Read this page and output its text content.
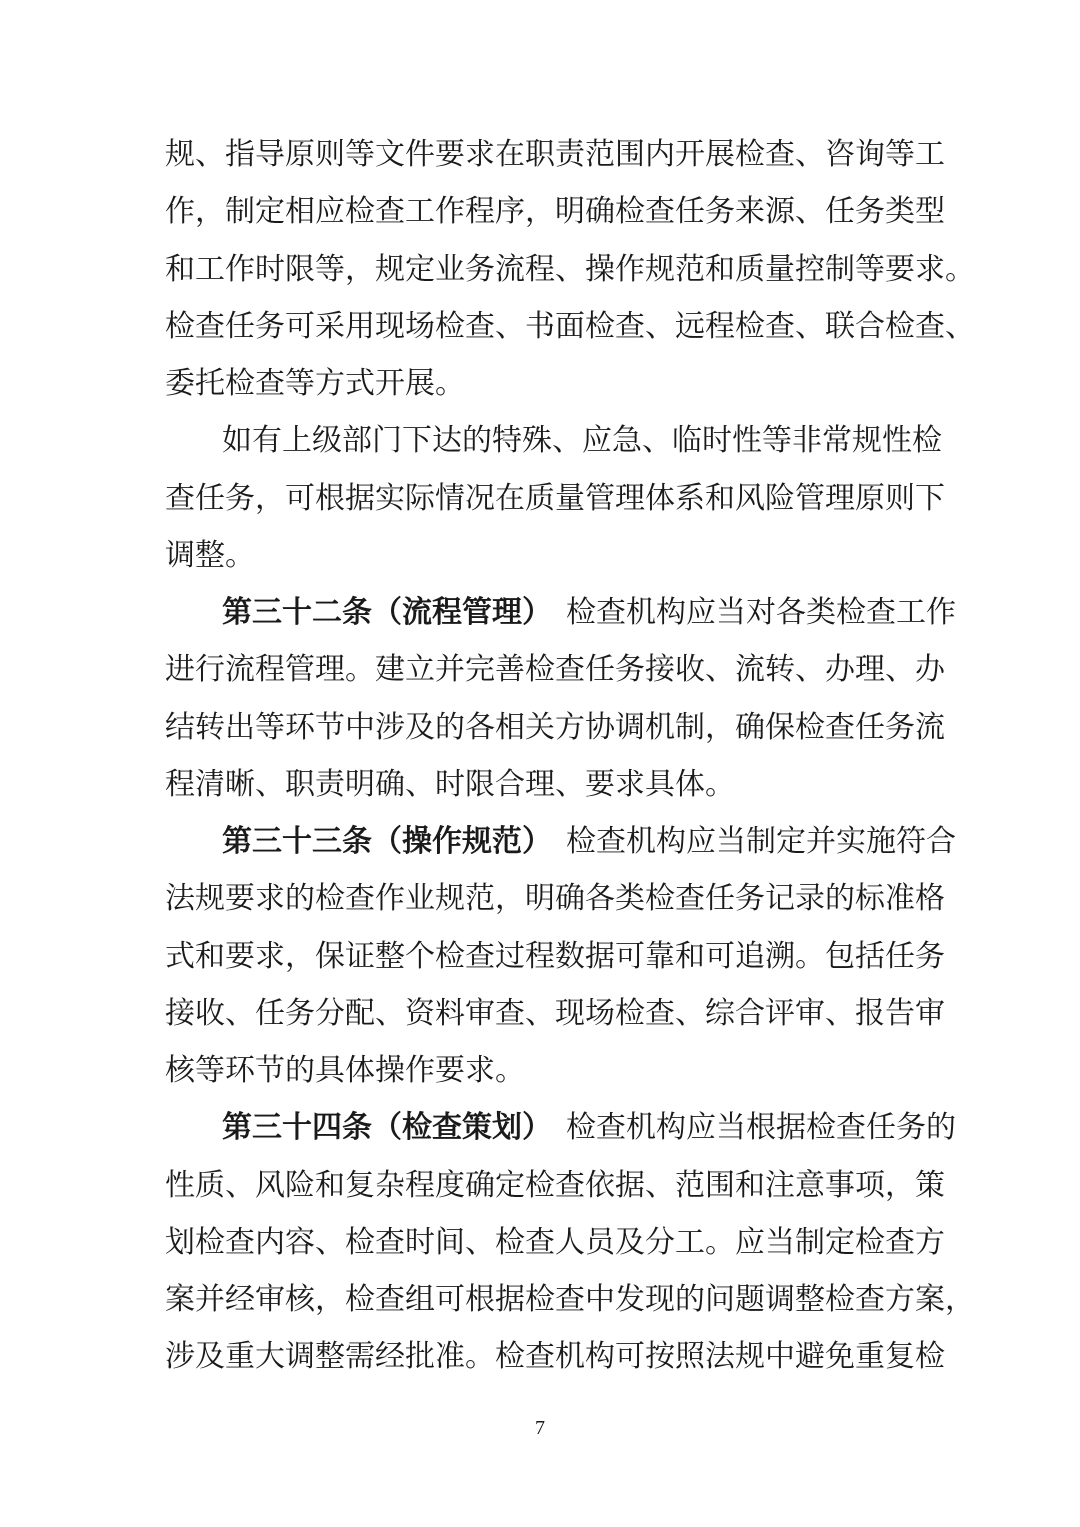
规、指导原则等文件要求在职责范围内开展检查、咨询等工
作，制定相应检查工作程序，明确检查任务来源、任务类型
和工作时限等，规定业务流程、操作规范和质量控制等要求。
检查任务可采用现场检查、书面检查、远程检查、联合检查、
委托检查等方式开展。
如有上级部门下达的特殊、应急、临时性等非常规性检
查任务，可根据实际情况在质量管理体系和风险管理原则下
调整。
第三十二条（流程管理） 检查机构应当对各类检查工作
进行流程管理。建立并完善检查任务接收、流转、办理、办
结转出等环节中涉及的各相关方协调机制，确保检查任务流
程清晰、职责明确、时限合理、要求具体。
第三十三条（操作规范） 检查机构应当制定并实施符合
法规要求的检查作业规范，明确各类检查任务记录的标准格
式和要求，保证整个检查过程数据可靠和可追溯。包括任务
接收、任务分配、资料审查、现场检查、综合评审、报告审
核等环节的具体操作要求。
第三十四条（检查策划） 检查机构应当根据检查任务的
性质、风险和复杂程度确定检查依据、范围和注意事项，策
划检查内容、检查时间、检查人员及分工。应当制定检查方
案并经审核，检查组可根据检查中发现的问题调整检查方案，
涉及重大调整需经批准。检查机构可按照法规中避免重复检
7
